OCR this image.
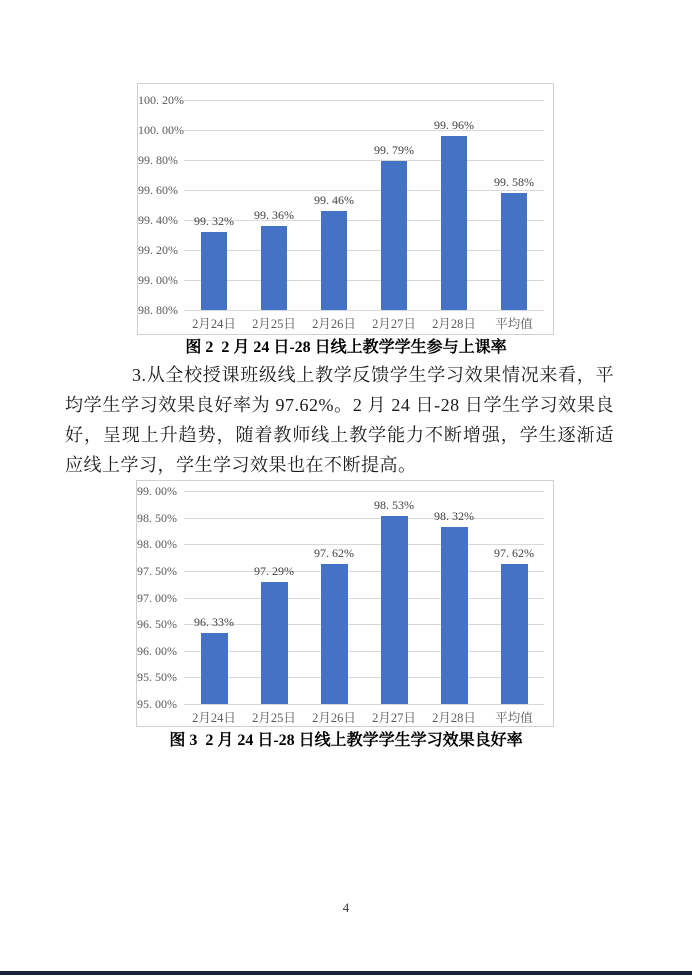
100. 20%
100. 00%
99. 80%
99. 60%
99. 40%
99. 20%
99. 00%
98. 80%
99. 32%
2月24日
99. 36%
2月25日
99. 46%
2月26日
99. 79%
2月27日
99. 96%
2月28日
99. 58%
平均值
图 2  2 月 24 日-28 日线上教学学生参与上课率

3.从全校授课班级线上教学反馈学生学习效果情况来看，平均学生学习效果良好率为 97.62%。2 月 24 日-28 日学生学习效果良好，呈现上升趋势，随着教师线上教学能力不断增强，学生逐渐适应线上学习，学生学习效果也在不断提高。

99. 00%
98. 50%
98. 00%
97. 50%
97. 00%
96. 50%
96. 00%
95. 50%
95. 00%
96. 33%
2月24日
97. 29%
2月25日
97. 62%
2月26日
98. 53%
2月27日
98. 32%
2月28日
97. 62%
平均值
图 3  2 月 24 日-28 日线上教学学生学习效果良好率
4
